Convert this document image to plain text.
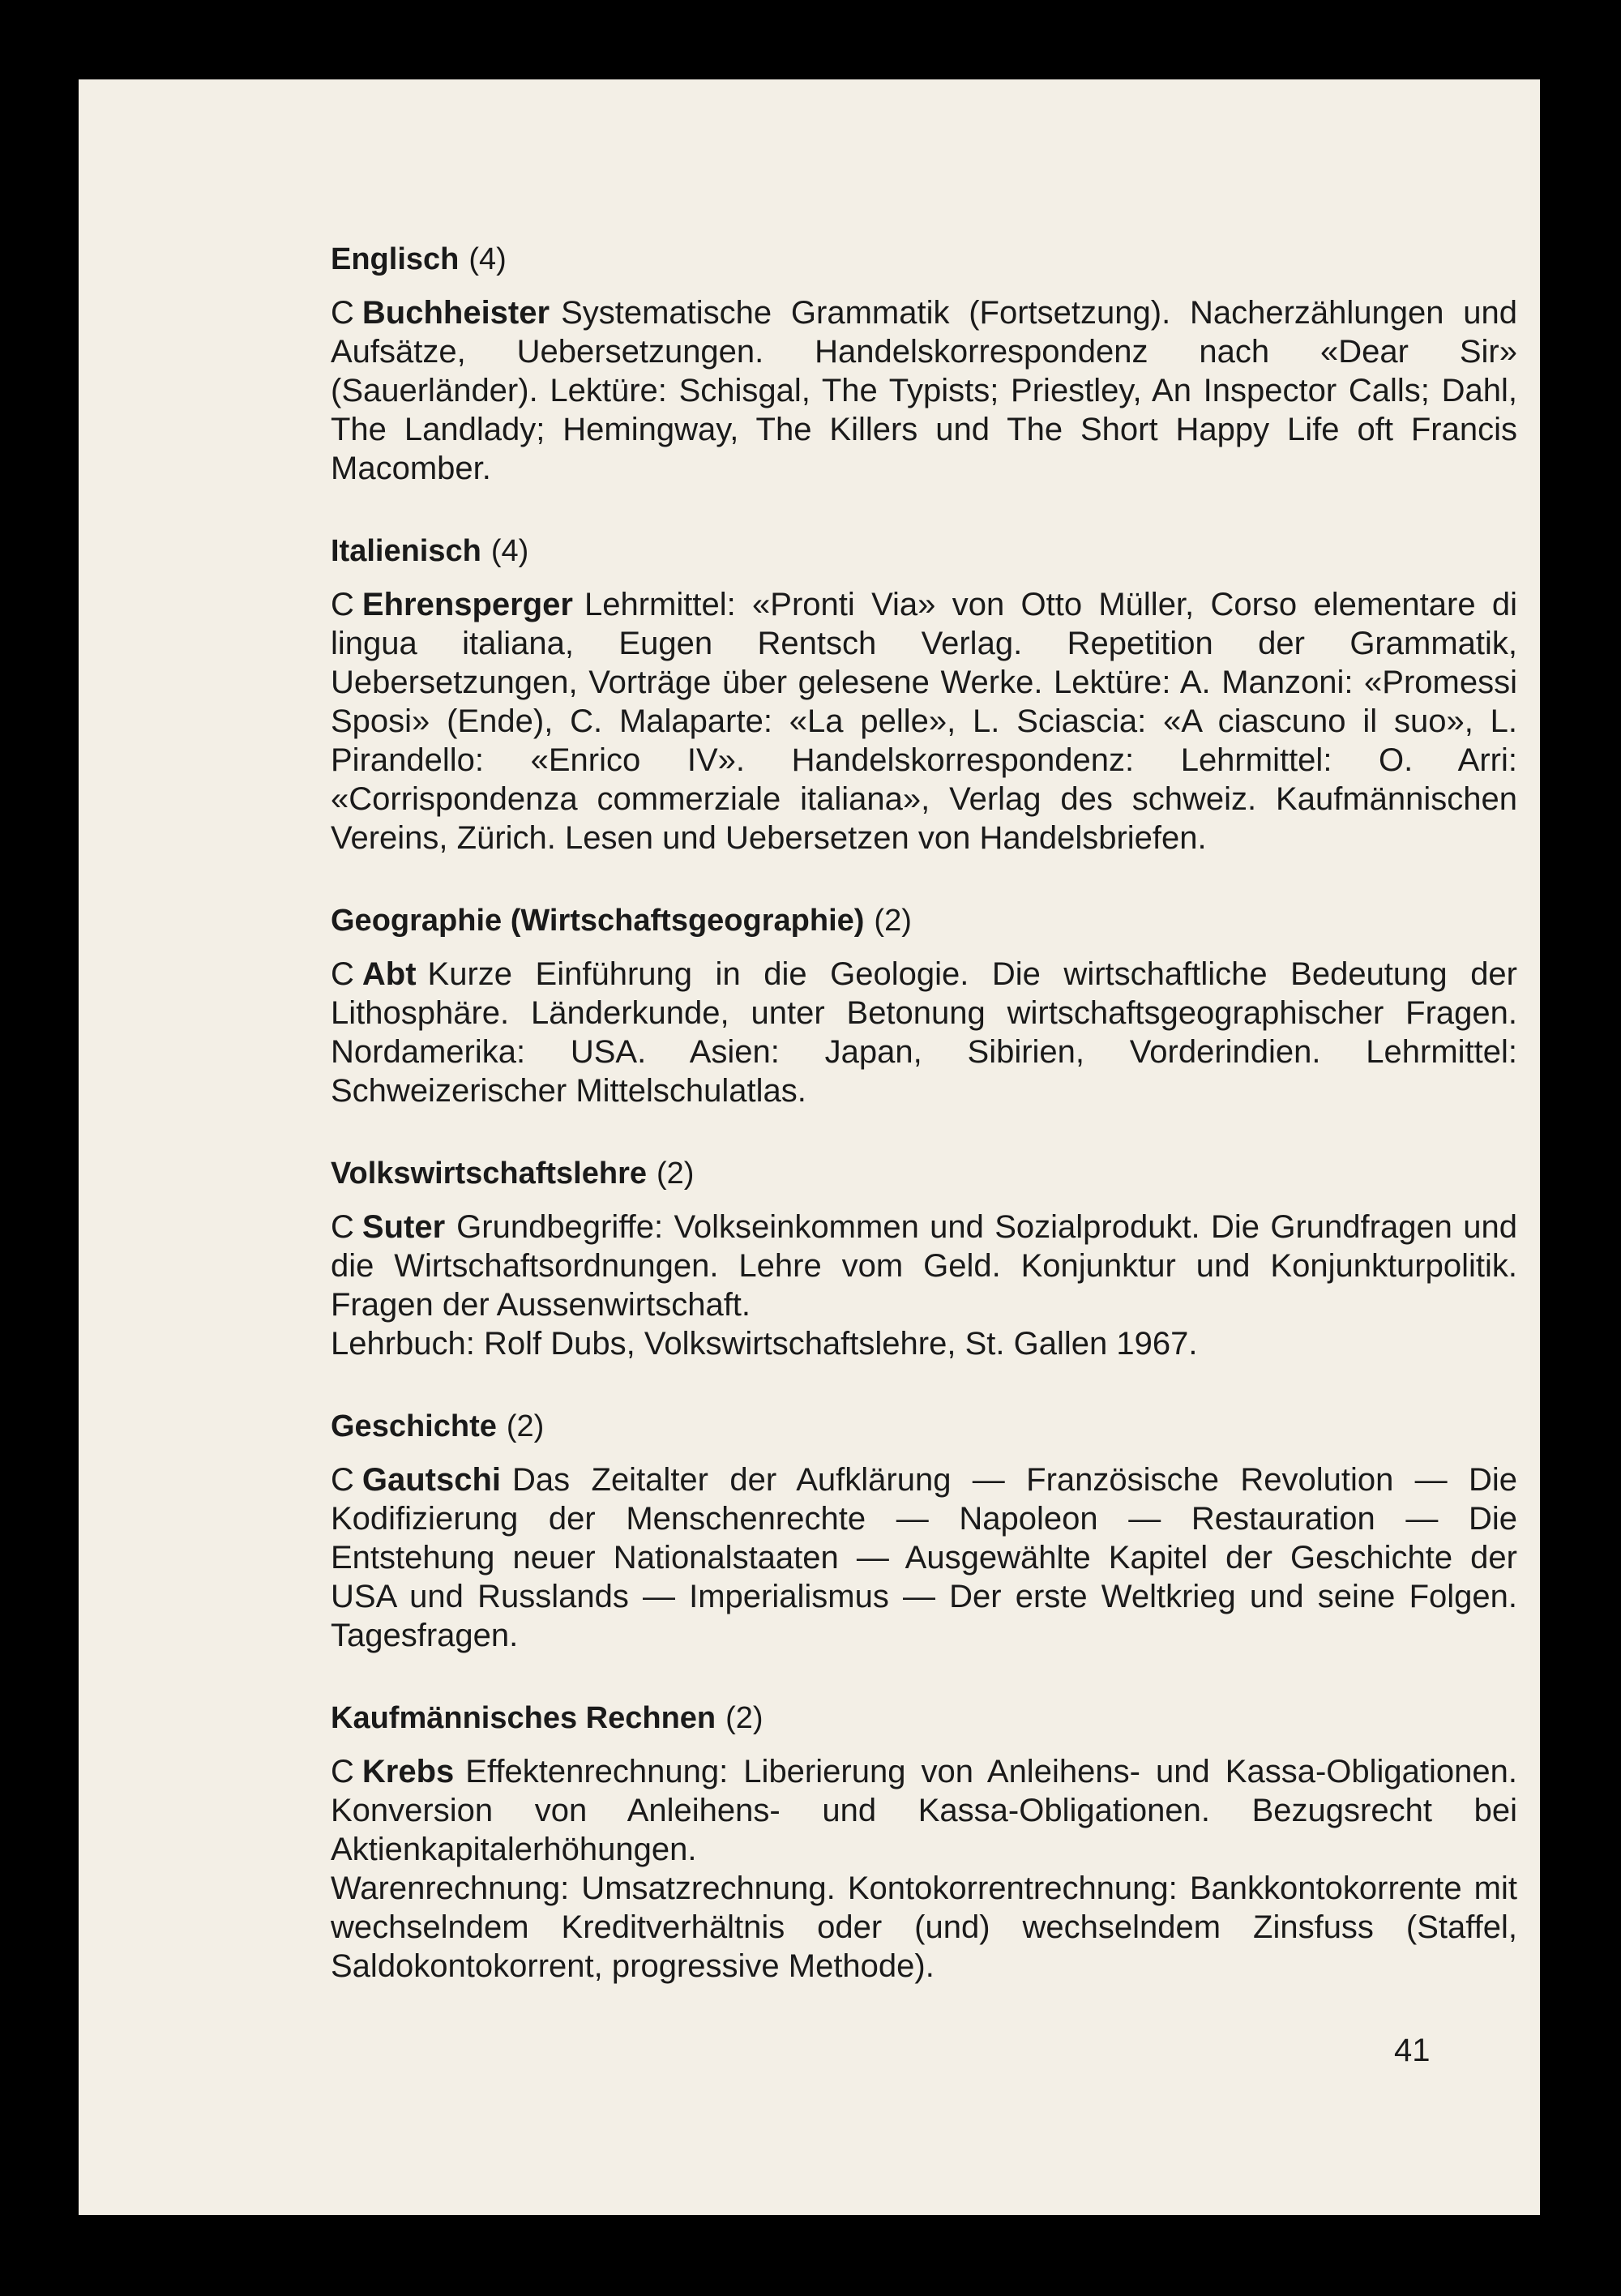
Englisch (4)

C Buchheister Systematische Grammatik (Fortsetzung). Nacherzählungen und Aufsätze, Uebersetzungen. Handelskorrespondenz nach «Dear Sir» (Sauerländer). Lektüre: Schisgal, The Typists; Priestley, An Inspector Calls; Dahl, The Landlady; Hemingway, The Killers und The Short Happy Life oft Francis Macomber.

Italienisch (4)

C Ehrensperger Lehrmittel: «Pronti Via» von Otto Müller, Corso elementare di lingua italiana, Eugen Rentsch Verlag. Repetition der Grammatik, Uebersetzungen, Vorträge über gelesene Werke. Lektüre: A. Manzoni: «Promessi Sposi» (Ende), C. Malaparte: «La pelle», L. Sciascia: «A ciascuno il suo», L. Pirandello: «Enrico IV». Handelskorrespondenz: Lehrmittel: O. Arri: «Corrispondenza commerziale italiana», Verlag des schweiz. Kaufmännischen Vereins, Zürich. Lesen und Uebersetzen von Handelsbriefen.

Geographie (Wirtschaftsgeographie) (2)

C Abt Kurze Einführung in die Geologie. Die wirtschaftliche Bedeutung der Lithosphäre. Länderkunde, unter Betonung wirtschaftsgeographischer Fragen. Nordamerika: USA. Asien: Japan, Sibirien, Vorderindien. Lehrmittel: Schweizerischer Mittelschulatlas.

Volkswirtschaftslehre (2)

C Suter Grundbegriffe: Volkseinkommen und Sozialprodukt. Die Grundfragen und die Wirtschaftsordnungen. Lehre vom Geld. Konjunktur und Konjunkturpolitik. Fragen der Aussenwirtschaft.

Lehrbuch: Rolf Dubs, Volkswirtschaftslehre, St. Gallen 1967.

Geschichte (2)

C Gautschi Das Zeitalter der Aufklärung — Französische Revolution — Die Kodifizierung der Menschenrechte — Napoleon — Restauration — Die Entstehung neuer Nationalstaaten — Ausgewählte Kapitel der Geschichte der USA und Russlands — Imperialismus — Der erste Weltkrieg und seine Folgen. Tagesfragen.

Kaufmännisches Rechnen (2)

C Krebs Effektenrechnung: Liberierung von Anleihens- und Kassa-Obligationen. Konversion von Anleihens- und Kassa-Obligationen. Bezugsrecht bei Aktienkapitalerhöhungen.

Warenrechnung: Umsatzrechnung. Kontokorrentrechnung: Bankkontokorrente mit wechselndem Kreditverhältnis oder (und) wechselndem Zinsfuss (Staffel, Saldokontokorrent, progressive Methode).

41
